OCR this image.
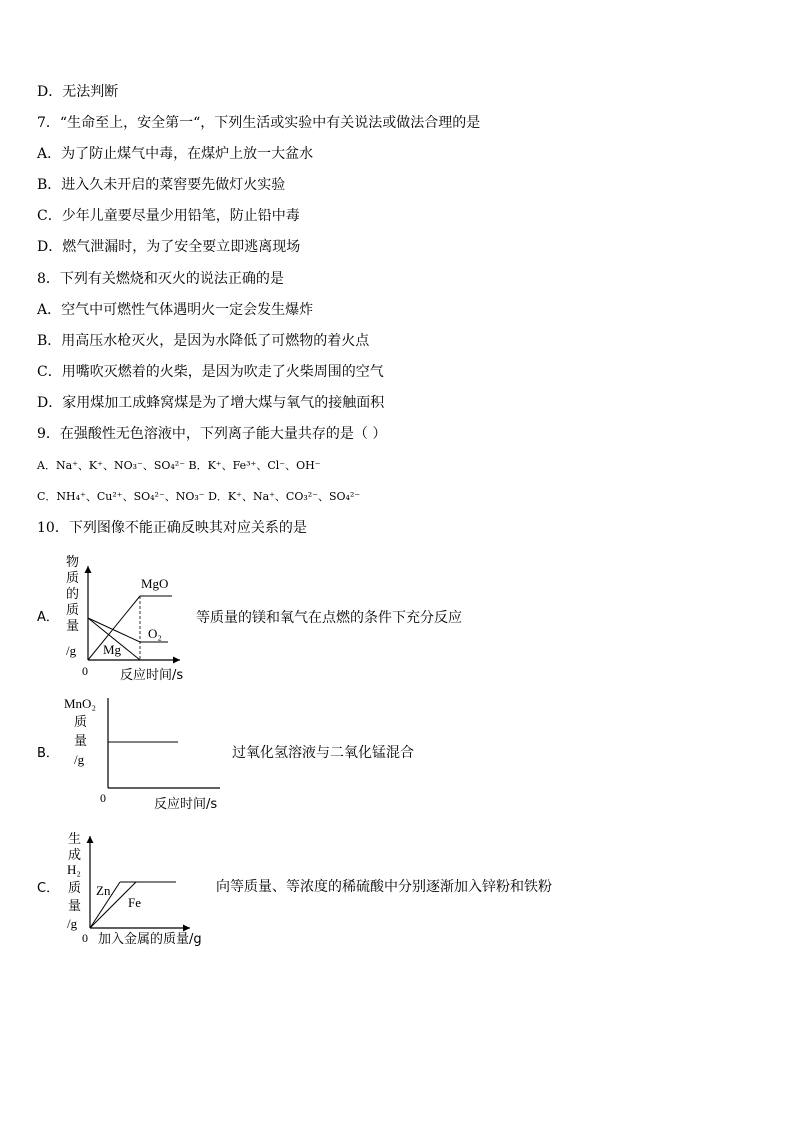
D．无法判断
7．“生命至上，安全第一“，下列生活或实验中有关说法或做法合理的是
A．为了防止煤气中毒，在煤炉上放一大盆水
B．进入久未开启的菜窖要先做灯火实验
C．少年儿童要尽量少用铅笔，防止铅中毒
D．燃气泄漏时，为了安全要立即逃离现场
8．下列有关燃烧和灭火的说法正确的是
A．空气中可燃性气体遇明火一定会发生爆炸
B．用高压水枪灭火，是因为水降低了可燃物的着火点
C．用嘴吹灭燃着的火柴，是因为吹走了火柴周围的空气
D．家用煤加工成蜂窝煤是为了增大煤与氧气的接触面积
9．在强酸性无色溶液中，下列离子能大量共存的是（ ）
A．Na⁺、K⁺、NO₃⁻、SO₄²⁻ B．K⁺、Fe³⁺、Cl⁻、OH⁻
C．NH₄⁺、Cu²⁺、SO₄²⁻、NO₃⁻ D．K⁺、Na⁺、CO₃²⁻、SO₄²⁻
10．下列图像不能正确反映其对应关系的是
A．
物
质
的
质
量
/g
0 反应时间/s
MgO
O₂
Mg
等质量的镁和氧气在点燃的条件下充分反应
B．
MnO₂
质
量
/g
0	反应时间/s
过氧化氢溶液与二氧化锰混合
C．
生
成
H₂
质
量
/g
Zn
Fe
0 加入金属的质量/g
向等质量、等浓度的稀硫酸中分别逐渐加入锌粉和铁粉
